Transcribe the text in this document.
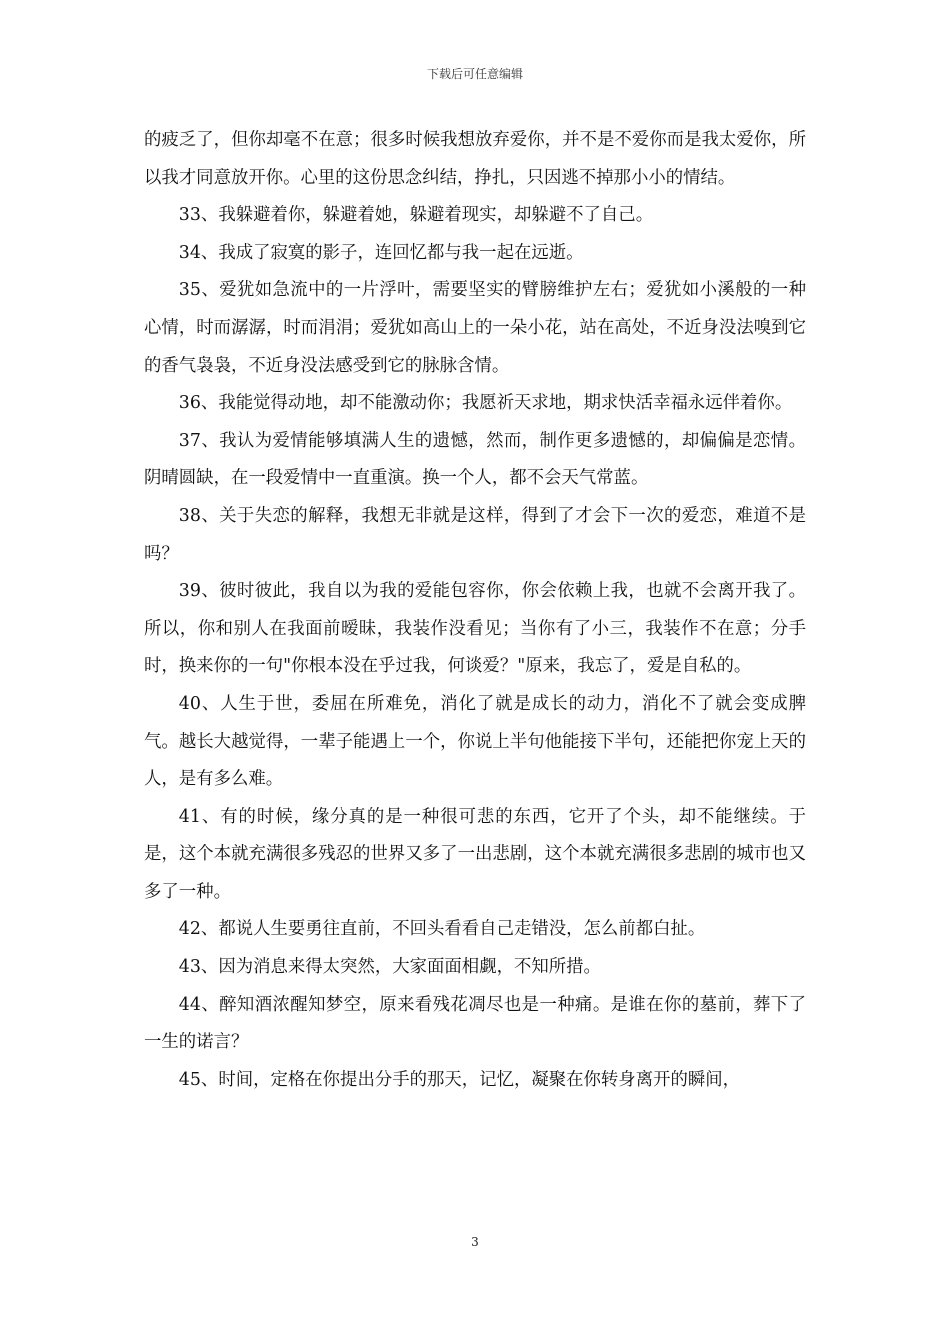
下载后可任意编辑

的疲乏了，但你却毫不在意；很多时候我想放弃爱你，并不是不爱你而是我太爱你，所以我才同意放开你。心里的这份思念纠结，挣扎，只因逃不掉那小小的情结。

33、我躲避着你，躲避着她，躲避着现实，却躲避不了自己。

34、我成了寂寞的影子，连回忆都与我一起在远逝。

35、爱犹如急流中的一片浮叶，需要坚实的臂膀维护左右；爱犹如小溪般的一种心情，时而潺潺，时而涓涓；爱犹如高山上的一朵小花，站在高处，不近身没法嗅到它的香气袅袅，不近身没法感受到它的脉脉含情。

36、我能觉得动地，却不能激动你；我愿祈天求地，期求快活幸福永远伴着你。

37、我认为爱情能够填满人生的遗憾，然而，制作更多遗憾的，却偏偏是恋情。阴晴圆缺，在一段爱情中一直重演。换一个人，都不会天气常蓝。

38、关于失恋的解释，我想无非就是这样，得到了才会下一次的爱恋，难道不是吗？

39、彼时彼此，我自以为我的爱能包容你，你会依赖上我，也就不会离开我了。所以，你和别人在我面前暧昧，我装作没看见；当你有了小三，我装作不在意；分手时，换来你的一句"你根本没在乎过我，何谈爱？"原来，我忘了，爱是自私的。

40、人生于世，委屈在所难免，消化了就是成长的动力，消化不了就会变成脾气。越长大越觉得，一辈子能遇上一个，你说上半句他能接下半句，还能把你宠上天的人，是有多么难。

41、有的时候，缘分真的是一种很可悲的东西，它开了个头，却不能继续。于是，这个本就充满很多残忍的世界又多了一出悲剧，这个本就充满很多悲剧的城市也又多了一种。

42、都说人生要勇往直前，不回头看看自己走错没，怎么前都白扯。

43、因为消息来得太突然，大家面面相觑，不知所措。

44、醉知酒浓醒知梦空，原来看残花凋尽也是一种痛。是谁在你的墓前，葬下了一生的诺言？

45、时间，定格在你提出分手的那天，记忆，凝聚在你转身离开的瞬间，

3
